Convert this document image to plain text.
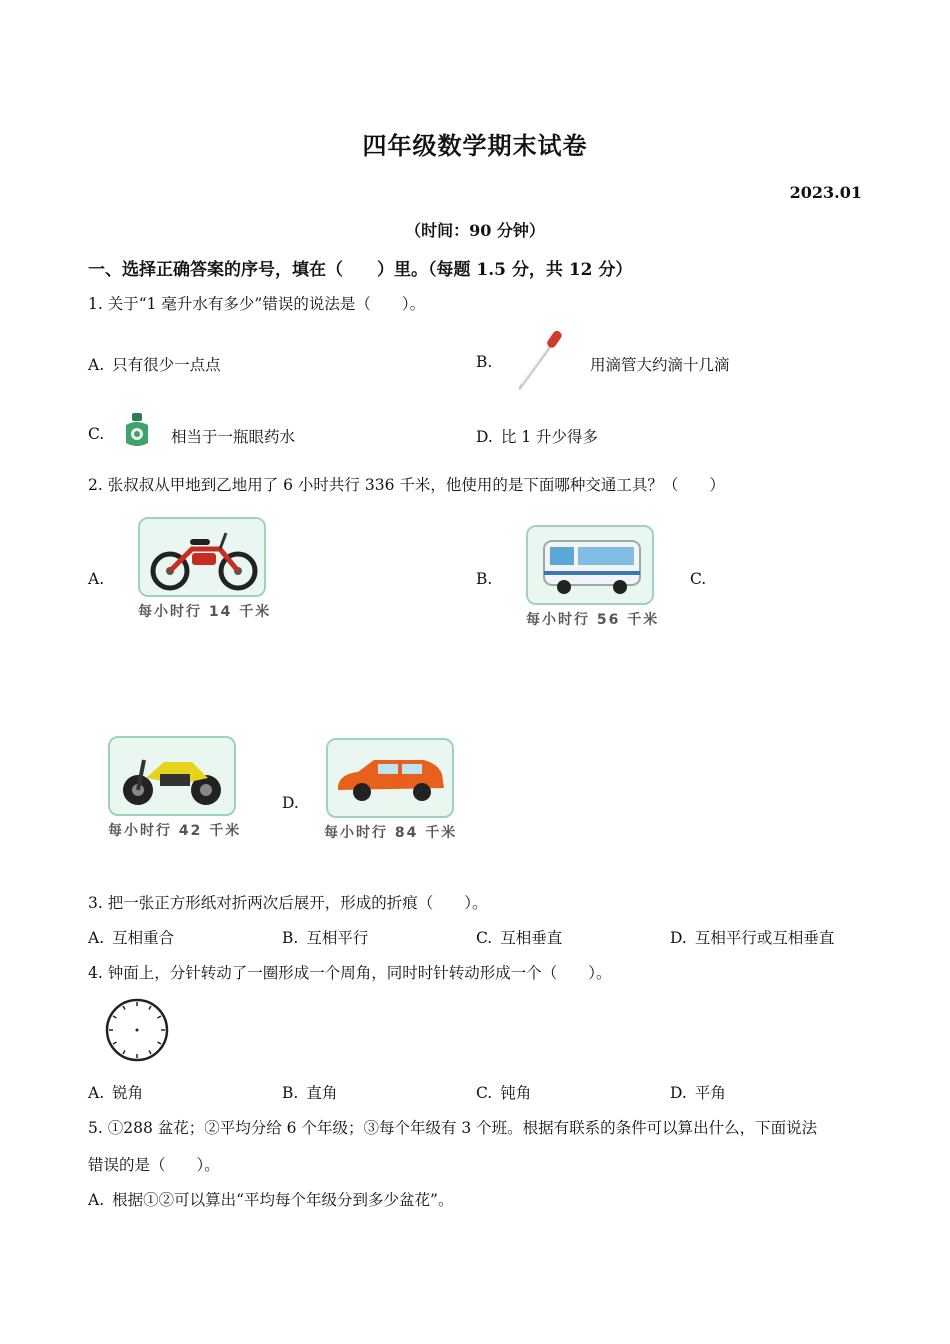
四年级数学期末试卷
2023.01
（时间：90 分钟）
一、选择正确答案的序号，填在（　　）里。（每题 1.5 分，共 12 分）
1. 关于“1 毫升水有多少”错误的说法是（　　）。
A. 只有很少一点点	B.	用滴管大约滴十几滴
C.	相当于一瓶眼药水	D. 比 1 升少得多
2. 张叔叔从甲地到乙地用了 6 小时共行 336 千米，他使用的是下面哪种交通工具？（　　）
A.
每小时行 14 千米
B.
每小时行 56 千米
C.
每小时行 42 千米
D.
每小时行 84 千米
3. 把一张正方形纸对折两次后展开，形成的折痕（　　）。
A. 互相重合	B. 互相平行	C. 互相垂直	D. 互相平行或互相垂直
4. 钟面上，分针转动了一圈形成一个周角，同时时针转动形成一个（　　）。
A. 锐角	B. 直角	C. 钝角	D. 平角
5. ①288 盆花；②平均分给 6 个年级；③每个年级有 3 个班。根据有联系的条件可以算出什么，下面说法
错误的是（　　）。
A. 根据①②可以算出“平均每个年级分到多少盆花”。
